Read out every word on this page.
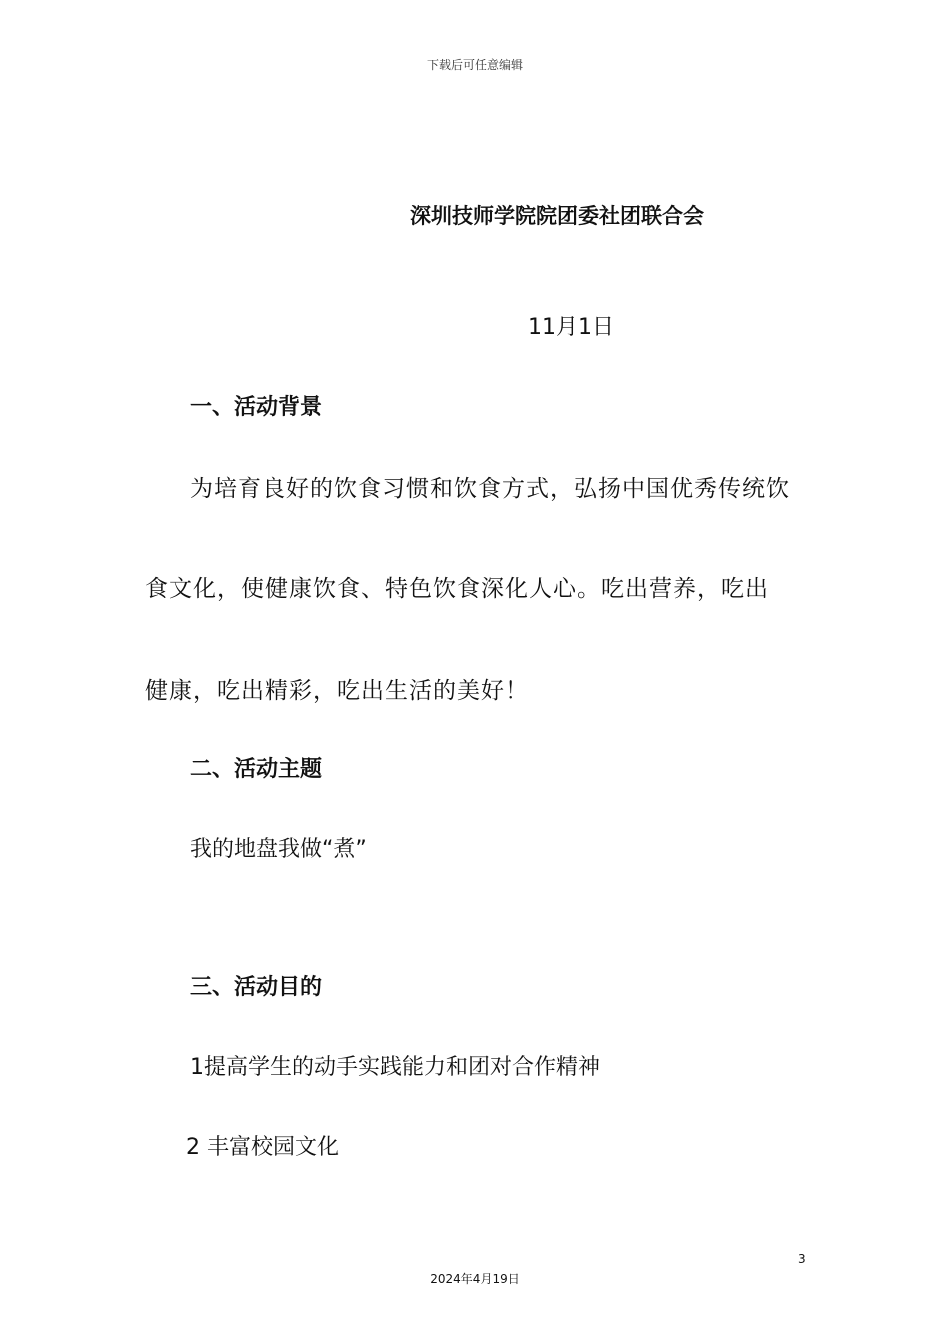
下载后可任意编辑
深圳技师学院院团委社团联合会
11月1日
一、活动背景
为培育良好的饮食习惯和饮食方式，弘扬中国优秀传统饮
食文化，使健康饮食、特色饮食深化人心。吃出营养，吃出
健康，吃出精彩，吃出生活的美好！
二、活动主题
我的地盘我做“煮”
三、活动目的
1提高学生的动手实践能力和团对合作精神
2 丰富校园文化
3
2024年4月19日
